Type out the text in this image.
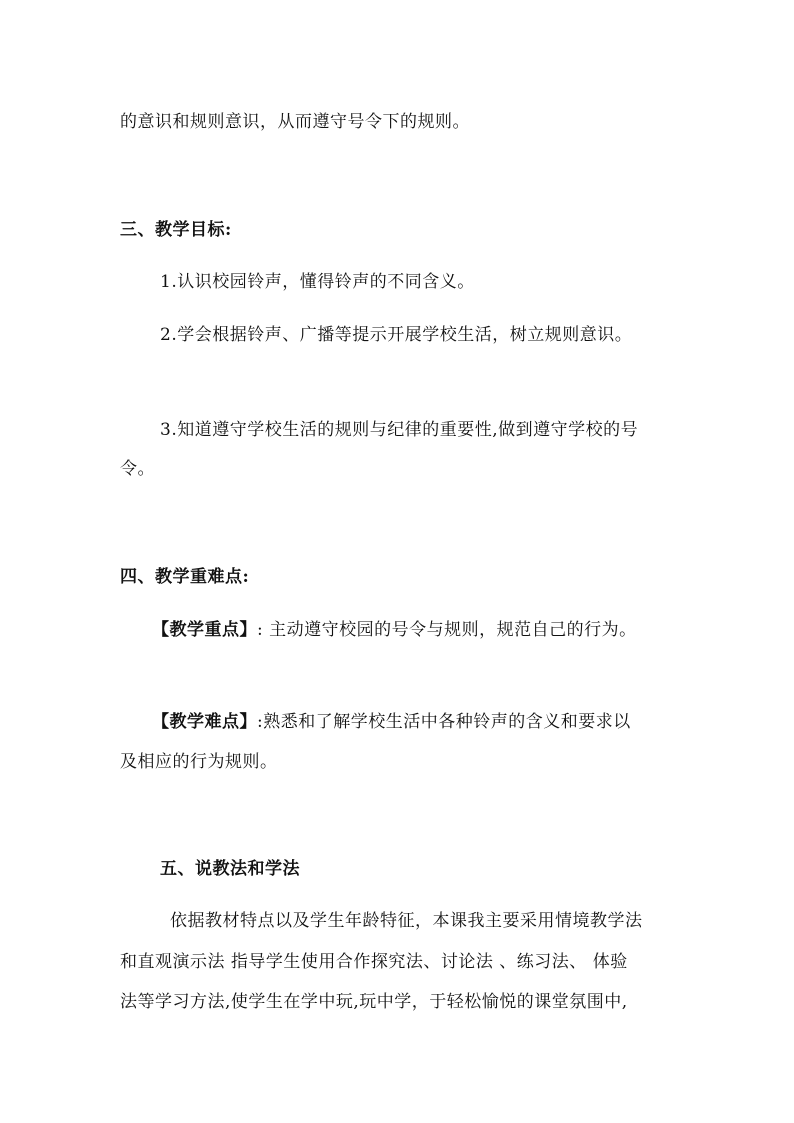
的意识和规则意识，从而遵守号令下的规则。
三、教学目标:
1.认识校园铃声，懂得铃声的不同含义。
2.学会根据铃声、广播等提示开展学校生活，树立规则意识。
3.知道遵守学校生活的规则与纪律的重要性,做到遵守学校的号
令。
四、教学重难点:
【教学重点】: 主动遵守校园的号令与规则，规范自己的行为。
【教学难点】:熟悉和了解学校生活中各种铃声的含义和要求以
及相应的行为规则。
五、说教法和学法
依据教材特点以及学生年龄特征，本课我主要采用情境教学法
和直观演示法 指导学生使用合作探究法、讨论法 、练习法、 体验
法等学习方法,使学生在学中玩,玩中学，于轻松愉悦的课堂氛围中,
